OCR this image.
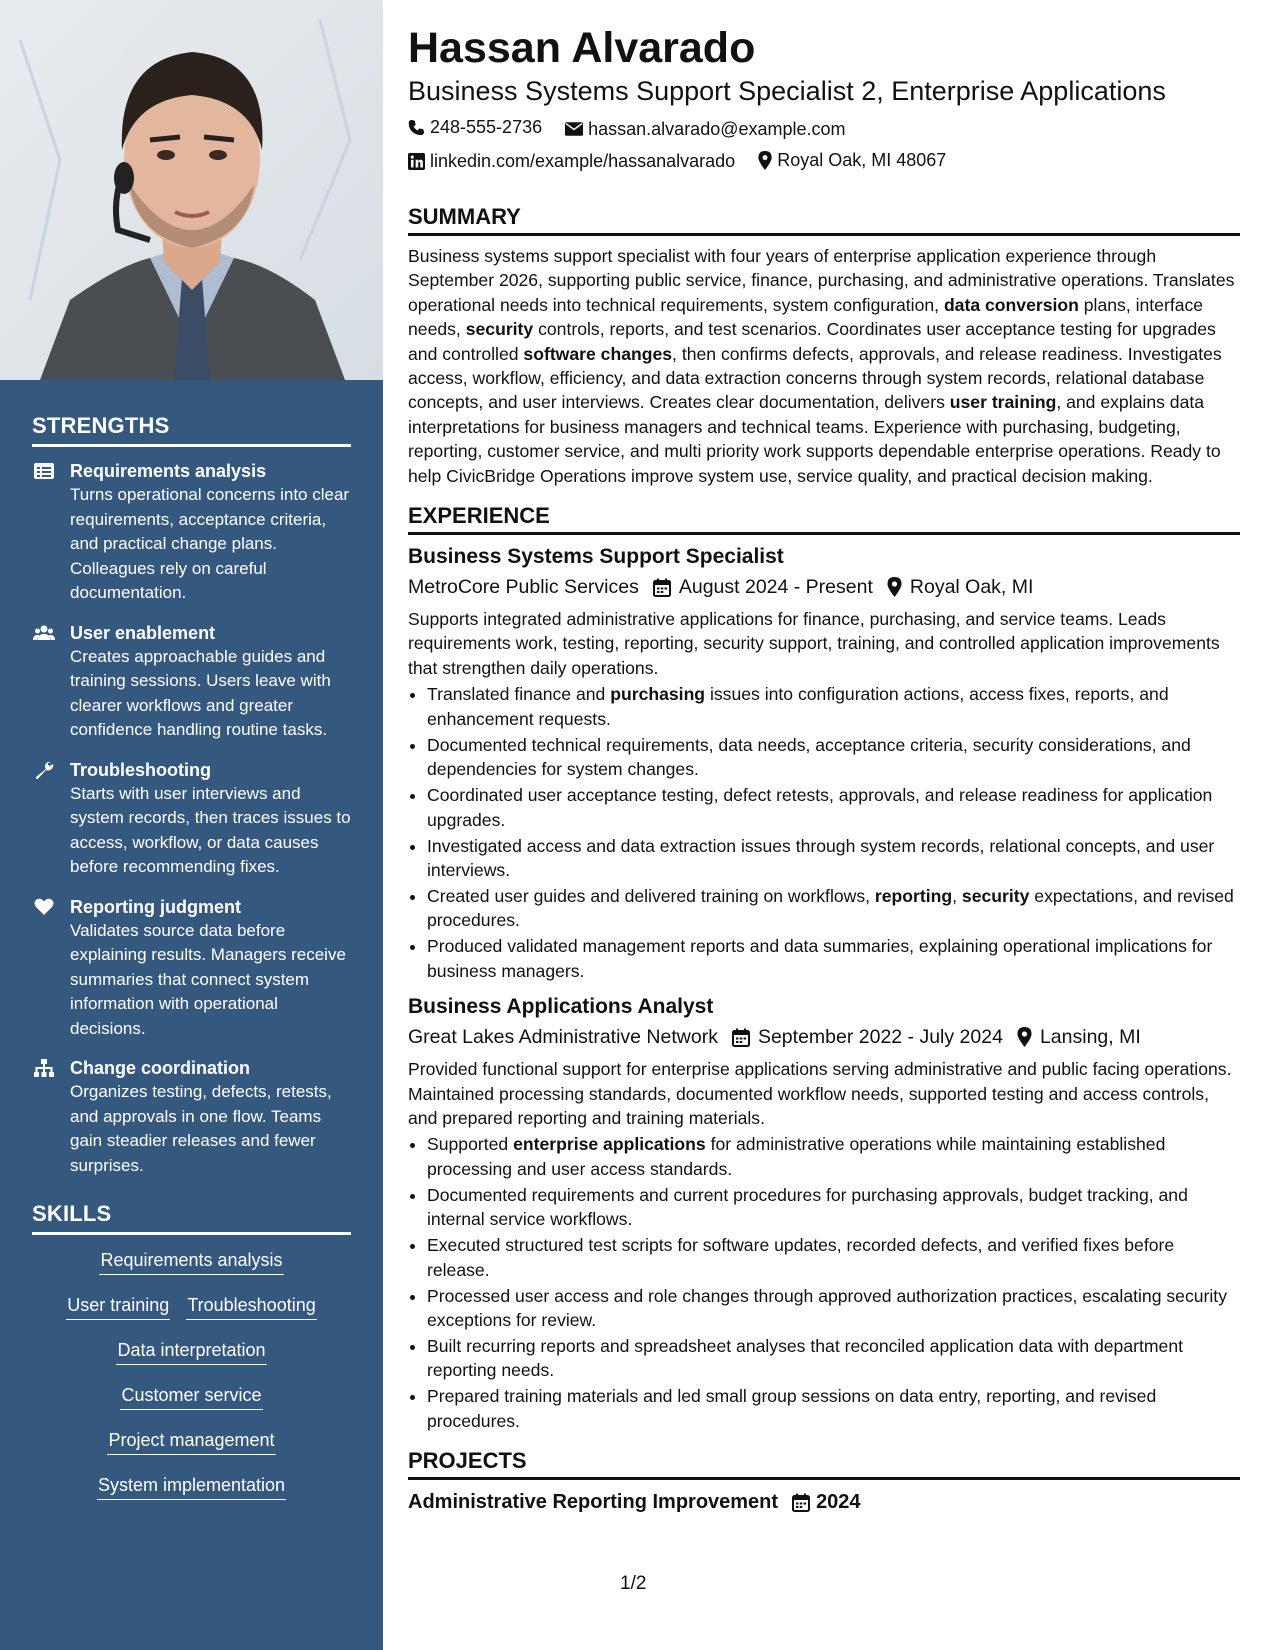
STRENGTHS
Requirements analysis
Turns operational concerns into clear requirements, acceptance criteria, and practical change plans. Colleagues rely on careful documentation.
User enablement
Creates approachable guides and training sessions. Users leave with clearer workflows and greater confidence handling routine tasks.
Troubleshooting
Starts with user interviews and system records, then traces issues to access, workflow, or data causes before recommending fixes.
Reporting judgment
Validates source data before explaining results. Managers receive summaries that connect system information with operational decisions.
Change coordination
Organizes testing, defects, retests, and approvals in one flow. Teams gain steadier releases and fewer surprises.
SKILLS
Requirements analysis
User training Troubleshooting
Data interpretation
Customer service
Project management
System implementation
Hassan Alvarado
Business Systems Support Specialist 2, Enterprise Applications
248-555-2736
	hassan.alvarado@example.com
linkedin.com/example/hassanalvarado
Royal Oak, MI 48067
SUMMARY

Business systems support specialist with four years of enterprise application experience through September 2026, supporting public service, finance, purchasing, and administrative operations. Translates operational needs into technical requirements, system configuration, data conversion plans, interface needs, security controls, reports, and test scenarios. Coordinates user acceptance testing for upgrades and controlled software changes, then confirms defects, approvals, and release readiness. Investigates access, workflow, efficiency, and data extraction concerns through system records, relational database concepts, and user interviews. Creates clear documentation, delivers user training, and explains data interpretations for business managers and technical teams. Experience with purchasing, budgeting, reporting, customer service, and multi priority work supports dependable enterprise operations. Ready to help CivicBridge Operations improve system use, service quality, and practical decision making.

EXPERIENCE
Business Systems Support Specialist
MetroCore Public Services August 2024 - Present Royal Oak, MI

Supports integrated administrative applications for finance, purchasing, and service teams. Leads requirements work, testing, reporting, security support, training, and controlled application improvements that strengthen daily operations.

• Translated finance and purchasing issues into configuration actions, access fixes, reports, and enhancement requests.
• Documented technical requirements, data needs, acceptance criteria, security considerations, and dependencies for system changes.
• Coordinated user acceptance testing, defect retests, approvals, and release readiness for application upgrades.
• Investigated access and data extraction issues through system records, relational concepts, and user interviews.
• Created user guides and delivered training on workflows, reporting, security expectations, and revised procedures.
• Produced validated management reports and data summaries, explaining operational implications for business managers.
Business Applications Analyst
Great Lakes Administrative Network September 2022 - July 2024 Lansing, MI

Provided functional support for enterprise applications serving administrative and public facing operations. Maintained processing standards, documented workflow needs, supported testing and access controls, and prepared reporting and training materials.

• Supported enterprise applications for administrative operations while maintaining established processing and user access standards.
• Documented requirements and current procedures for purchasing approvals, budget tracking, and internal service workflows.
• Executed structured test scripts for software updates, recorded defects, and verified fixes before release.
• Processed user access and role changes through approved authorization practices, escalating security exceptions for review.
• Built recurring reports and spreadsheet analyses that reconciled application data with department reporting needs.
• Prepared training materials and led small group sessions on data entry, reporting, and revised procedures.
PROJECTS
Administrative Reporting Improvement 2024
1/2
